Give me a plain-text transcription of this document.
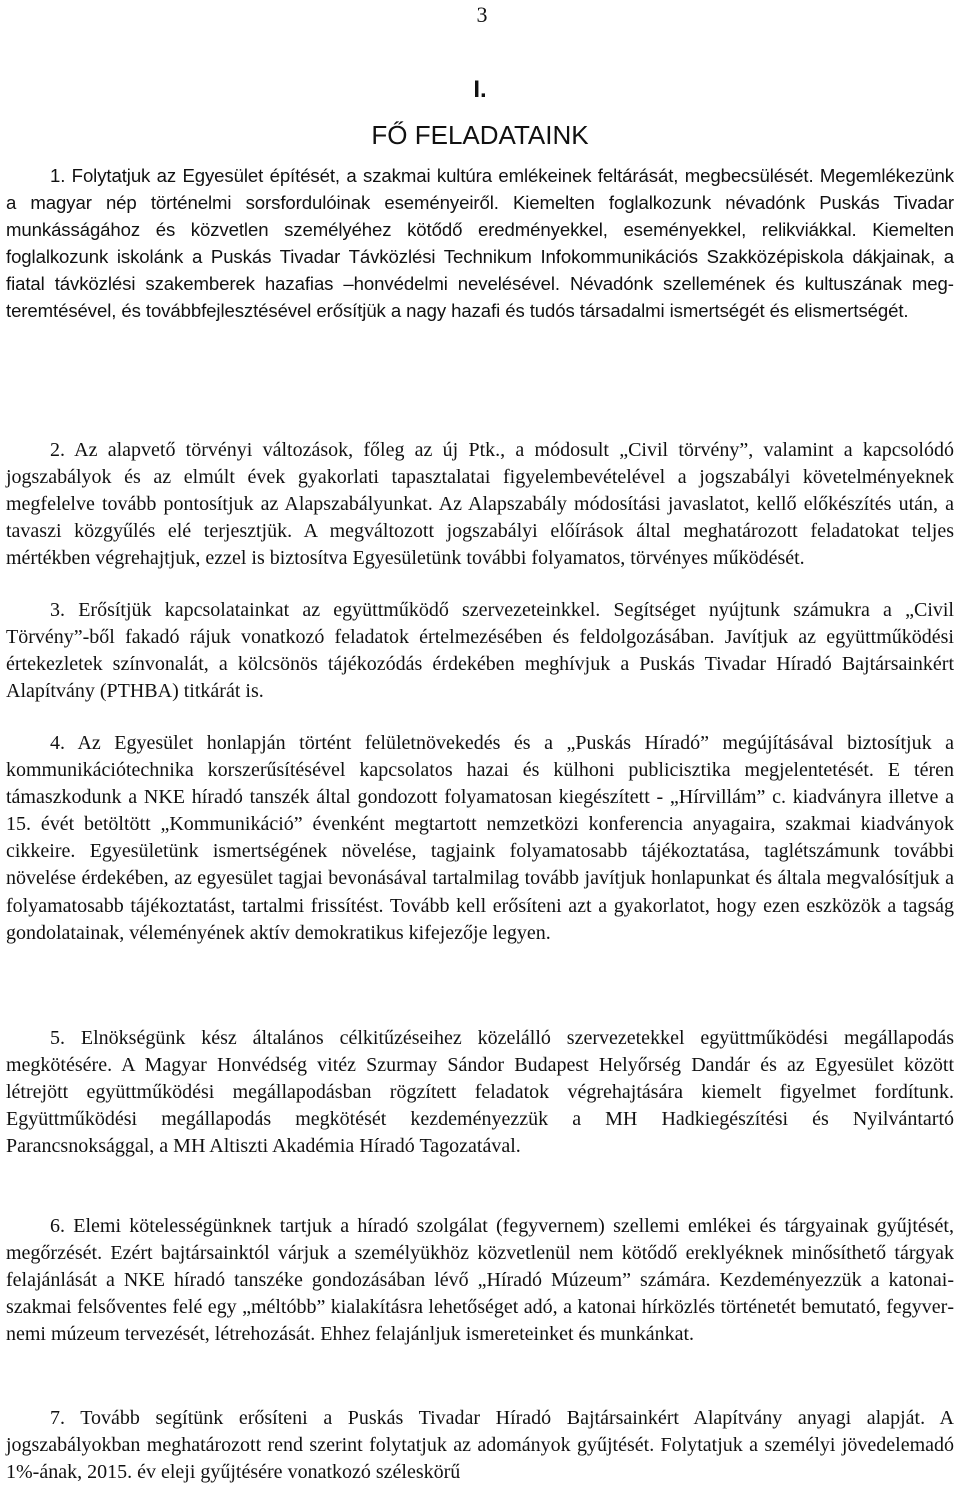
3
I.
FŐ FELADATAINK

1. Folytatjuk az Egyesület építését, a szakmai kultúra emlékeinek feltárását, megbecsülését. Megemlékezünk a magyar nép történelmi sorsfordulóinak eseményeiről. Kiemelten foglalkozunk névadónk Puskás Tivadar munkásságához és közvetlen személyéhez kötődő eredményekkel, eseményekkel, relikviákkal. Kiemelten foglalkozunk iskolánk a Puskás Tivadar Távközlési Technikum Infokommunikációs Szakközépiskola dákjainak, a fiatal távközlési szakemberek hazafias –honvédelmi nevelésével. Névadónk szellemének és kultuszának megteremtésével, és továbbfejlesztésével erősítjük a nagy hazafi és tudós társadalmi ismertségét és elismertségét.

2. Az alapvető törvényi változások, főleg az új Ptk., a módosult „Civil törvény”, valamint a kapcsolódó jogszabályok és az elmúlt évek gyakorlati tapasztalatai figyelembevételével a jogszabályi követelményeknek megfelelve tovább pontosítjuk az Alapszabályunkat. Az Alapszabály módosítási javaslatot, kellő előkészítés után, a tavaszi közgyűlés elé terjesztjük. A megváltozott jogszabályi előírások által meghatározott feladatokat teljes mértékben végrehajtjuk, ezzel is biztosítva Egyesületünk további folyamatos, törvényes működését.

3. Erősítjük kapcsolatainkat az együttműködő szervezeteinkkel. Segítséget nyújtunk számukra a „Civil Törvény”-ből fakadó rájuk vonatkozó feladatok értelmezésében és feldolgozásában. Javítjuk az együttműködési értekezletek színvonalát, a kölcsönös tájékozódás érdekében meghívjuk a Puskás Tivadar Híradó Bajtársainkért Alapítvány (PTHBA) titkárát is.

4. Az Egyesület honlapján történt felületnövekedés és a „Puskás Híradó” megújításával biztosítjuk a kommunikációtechnika korszerűsítésével kapcsolatos hazai és külhoni publicisztika megjelentetését. E téren támaszkodunk a NKE híradó tanszék által gondozott folyamatosan kiegészített - „Hírvillám” c. kiadványra illetve a 15. évét betöltött „Kommunikáció” évenként megtartott nemzetközi konferencia anyagaira, szakmai kiadványok cikkeire. Egyesületünk ismertségének növelése, tagjaink folyamatosabb tájékoztatása, taglétszámunk további növelése érdekében, az egyesület tagjai bevonásával tartalmilag tovább javítjuk honlapunkat és általa megvalósítjuk a folyamatosabb tájékoztatást, tartalmi frissítést. Tovább kell erősíteni azt a gyakorlatot, hogy ezen eszközök a tagság gondolatainak, véleményének aktív demokratikus kifejezője legyen.

5. Elnökségünk kész általános célkitűzéseihez közelálló szervezetekkel együttműködési megállapodás megkötésére. A Magyar Honvédség vitéz Szurmay Sándor Budapest Helyőrség Dandár és az Egyesület között létrejött együttműködési megállapodásban rögzített feladatok végrehajtására kiemelt figyelmet fordítunk. Együttműködési megállapodás megkötését kezdeményezzük a MH Hadkiegészítési és Nyilvántartó Parancsnoksággal, a MH Altiszti Akadémia Híradó Tagozatával.

6. Elemi kötelességünknek tartjuk a híradó szolgálat (fegyvernem) szellemi emlékei és tárgyainak gyűjtését, megőrzését. Ezért bajtársainktól várjuk a személyükhöz közvetlenül nem kötődő ereklyéknek minősíthető tárgyak felajánlását a NKE híradó tanszéke gondozásában lévő „Híradó Múzeum” számára. Kezdeményezzük a katonai-szakmai felsőventes felé egy „méltóbb” kialakításra lehetőséget adó, a katonai hírközlés történetét bemutató, fegyvernemi múzeum tervezését, létrehozását. Ehhez felajánljuk ismereteinket és munkánkat.

7. Tovább segítünk erősíteni a Puskás Tivadar Híradó Bajtársainkért Alapítvány anyagi alapját. A jogszabályokban meghatározott rend szerint folytatjuk az adományok gyűjtését. Folytatjuk a személyi jövedelemadó 1%-ának, 2015. év eleji gyűjtésére vonatkozó széleskörű
